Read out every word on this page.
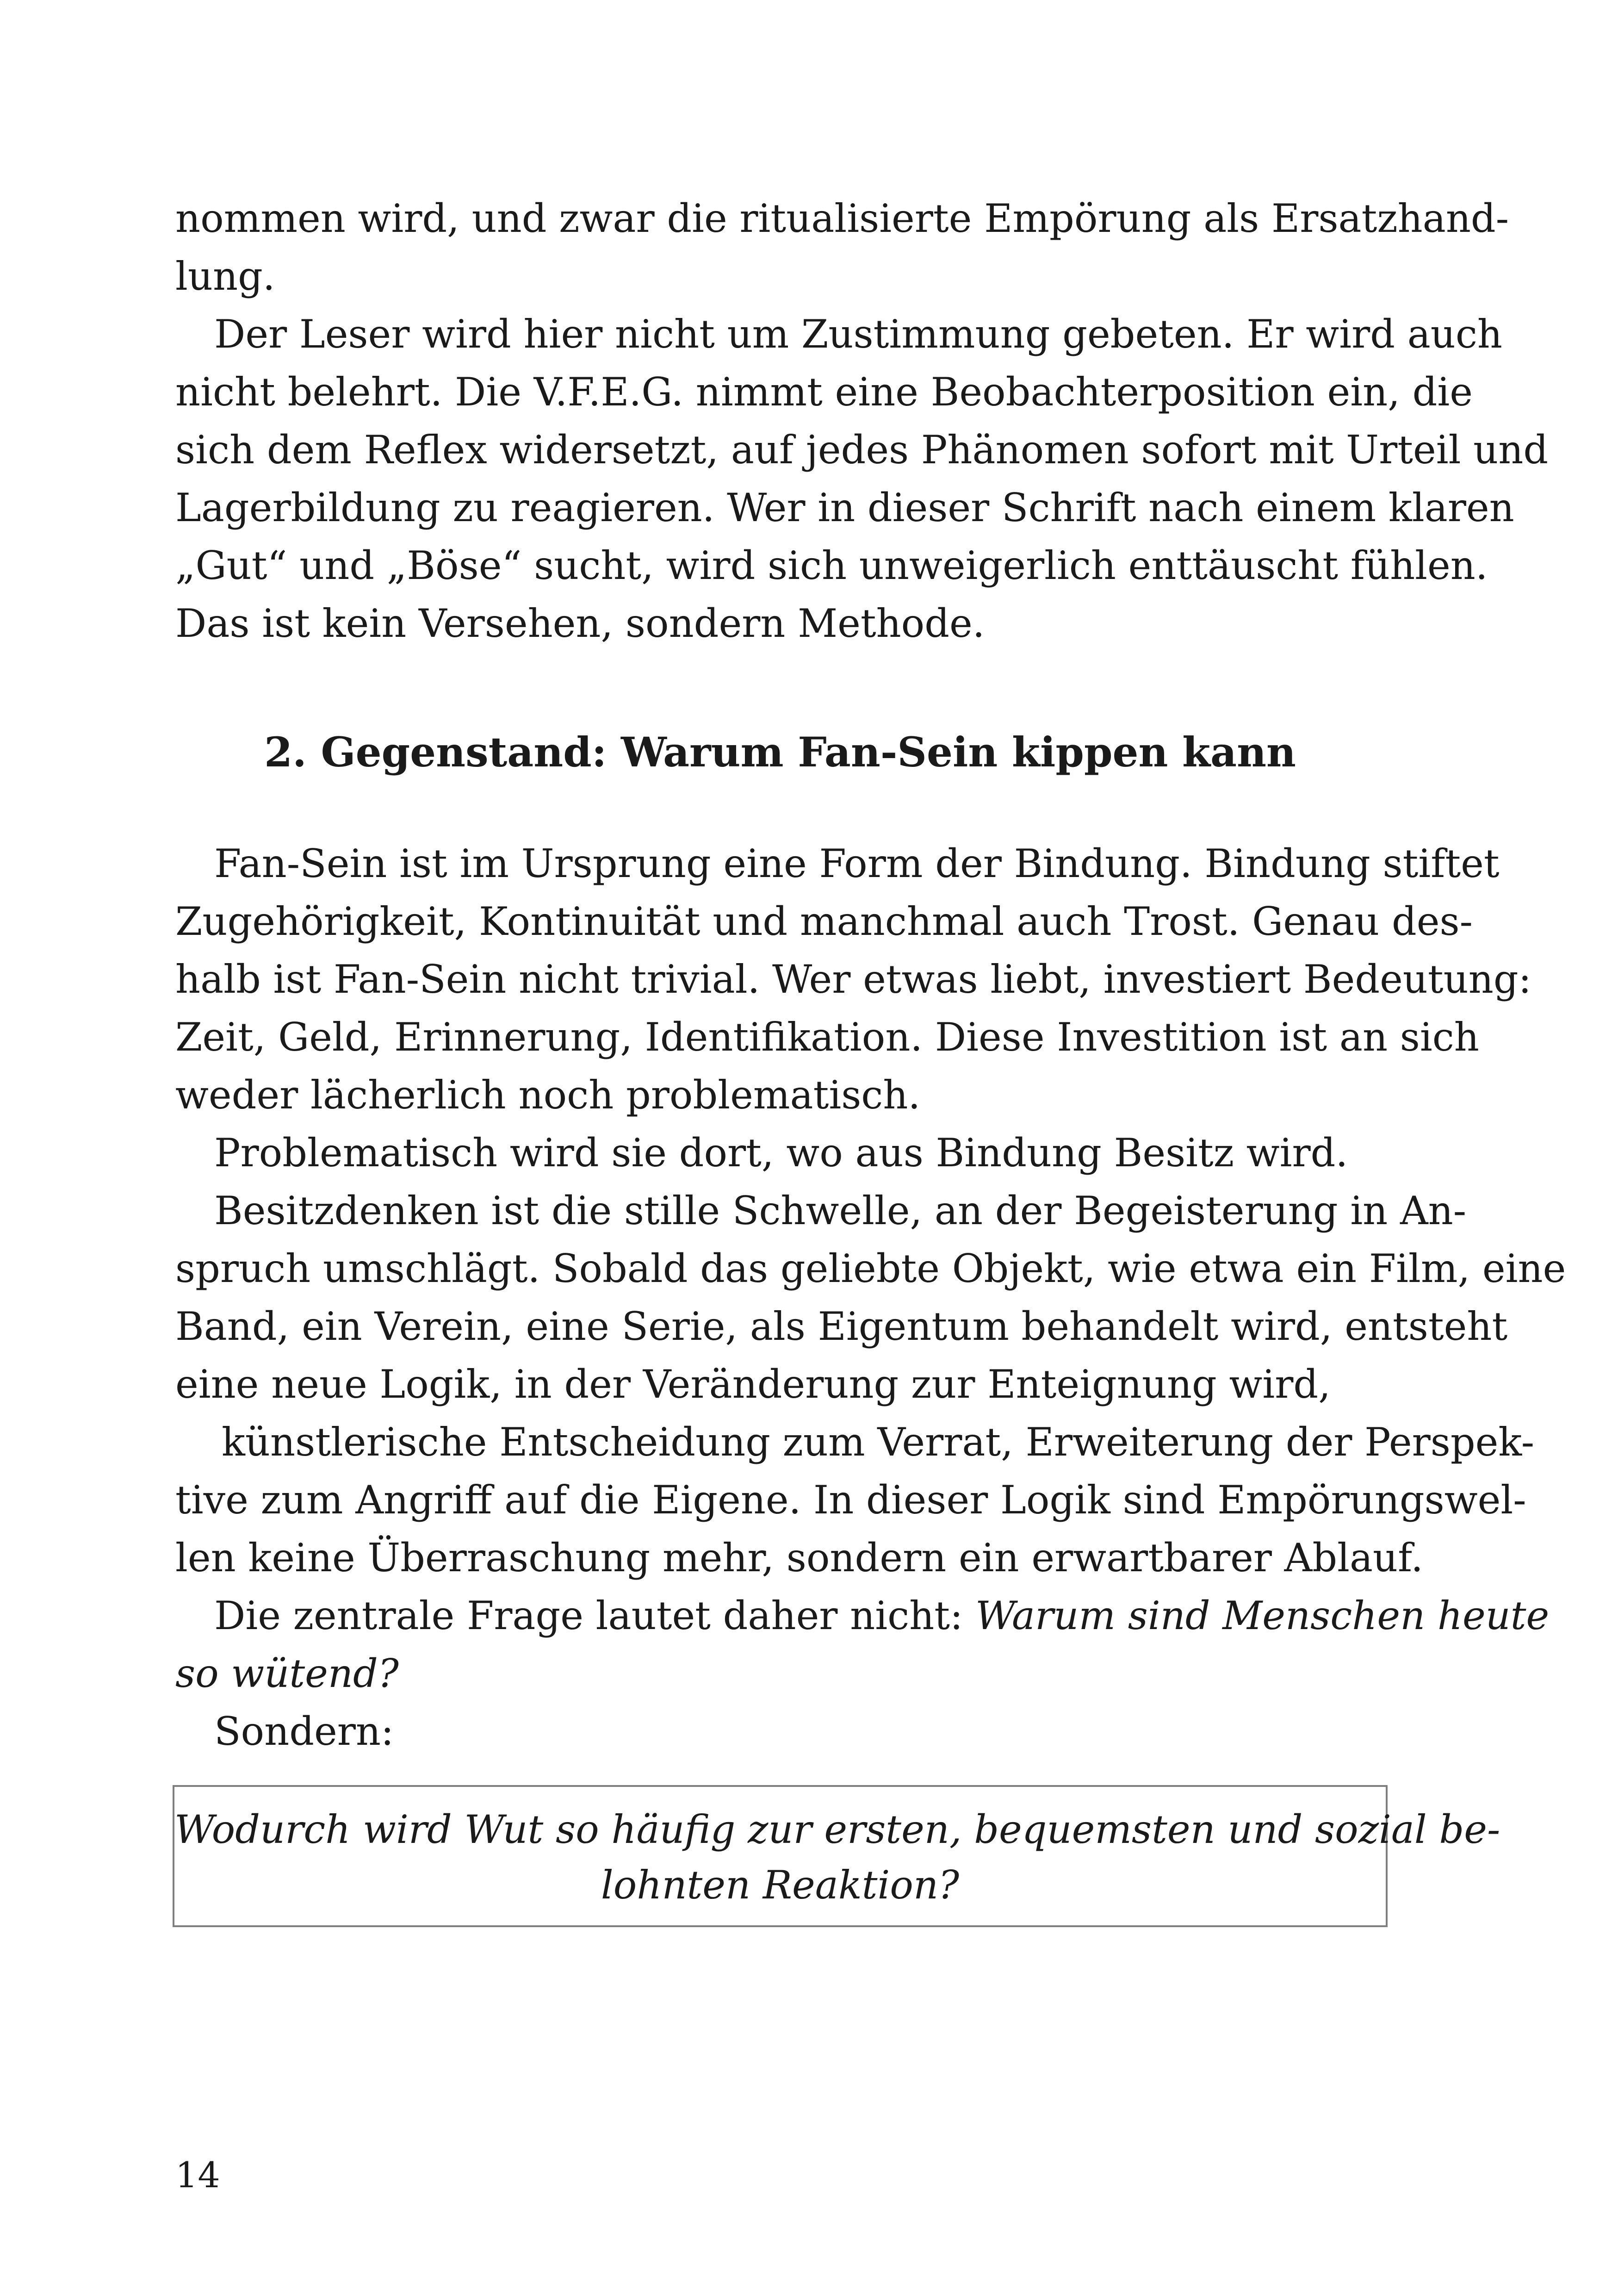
nommen wird, und zwar die ritualisierte Empörung als Ersatzhand-
lung.
Der Leser wird hier nicht um Zustimmung gebeten. Er wird auch
nicht belehrt. Die V.F.E.G. nimmt eine Beobachterposition ein, die
sich dem Reflex widersetzt, auf jedes Phänomen sofort mit Urteil und
Lagerbildung zu reagieren. Wer in dieser Schrift nach einem klaren
„Gut“ und „Böse“ sucht, wird sich unweigerlich enttäuscht fühlen.
Das ist kein Versehen, sondern Methode.
2. Gegenstand: Warum Fan-Sein kippen kann
Fan-Sein ist im Ursprung eine Form der Bindung. Bindung stiftet
Zugehörigkeit, Kontinuität und manchmal auch Trost. Genau des-
halb ist Fan-Sein nicht trivial. Wer etwas liebt, investiert Bedeutung:
Zeit, Geld, Erinnerung, Identifikation. Diese Investition ist an sich
weder lächerlich noch problematisch.
Problematisch wird sie dort, wo aus Bindung Besitz wird.
Besitzdenken ist die stille Schwelle, an der Begeisterung in An-
spruch umschlägt. Sobald das geliebte Objekt, wie etwa ein Film, eine
Band, ein Verein, eine Serie, als Eigentum behandelt wird, entsteht
eine neue Logik, in der Veränderung zur Enteignung wird,
künstlerische Entscheidung zum Verrat, Erweiterung der Perspek-
tive zum Angriff auf die Eigene. In dieser Logik sind Empörungswel-
len keine Überraschung mehr, sondern ein erwartbarer Ablauf.
Die zentrale Frage lautet daher nicht: Warum sind Menschen heute
so wütend?
Sondern:
Wodurch wird Wut so häufig zur ersten, bequemsten und sozial be-
lohnten Reaktion?
14
